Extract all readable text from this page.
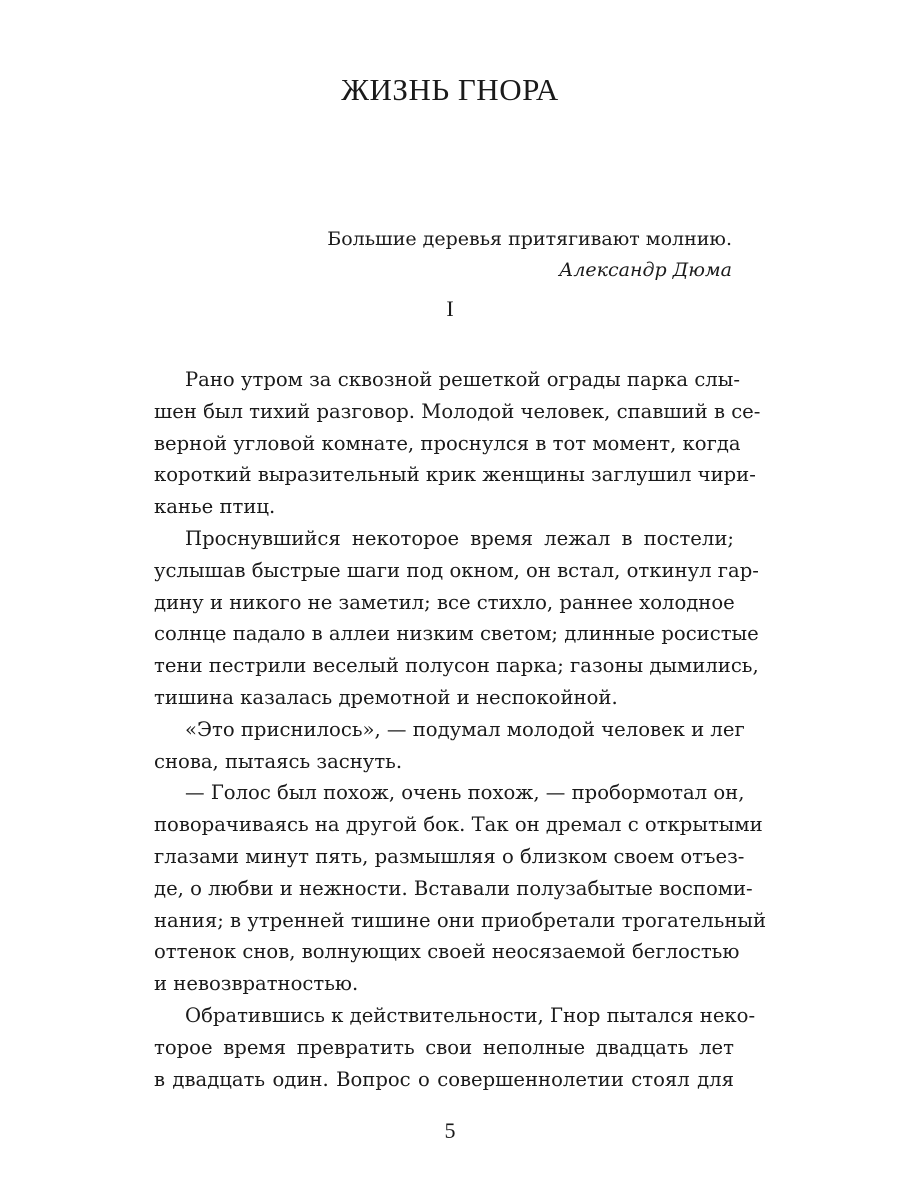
ЖИЗНЬ ГНОРА
Большие деревья притягивают молнию.
Александр Дюма
I
Рано утром за сквозной решеткой ограды парка слы-
шен был тихий разговор. Молодой человек, спавший в се-
верной угловой комнате, проснулся в тот момент, когда
короткий выразительный крик женщины заглушил чири-
канье птиц.
Проснувшийся некоторое время лежал в постели;
услышав быстрые шаги под окном, он встал, откинул гар-
дину и никого не заметил; все стихло, раннее холодное
солнце падало в аллеи низким светом; длинные росистые
тени пестрили веселый полусон парка; газоны дымились,
тишина казалась дремотной и неспокойной.
«Это приснилось», — подумал молодой человек и лег
снова, пытаясь заснуть.
— Голос был похож, очень похож, — пробормотал он,
поворачиваясь на другой бок. Так он дремал с открытыми
глазами минут пять, размышляя о близком своем отъез-
де, о любви и нежности. Вставали полузабытые воспоми-
нания; в утренней тишине они приобретали трогательный
оттенок снов, волнующих своей неосязаемой беглостью
и невозвратностью.
Обратившись к действительности, Гнор пытался неко-
торое время превратить свои неполные двадцать лет
в двадцать один. Вопрос о совершеннолетии стоял для
5
